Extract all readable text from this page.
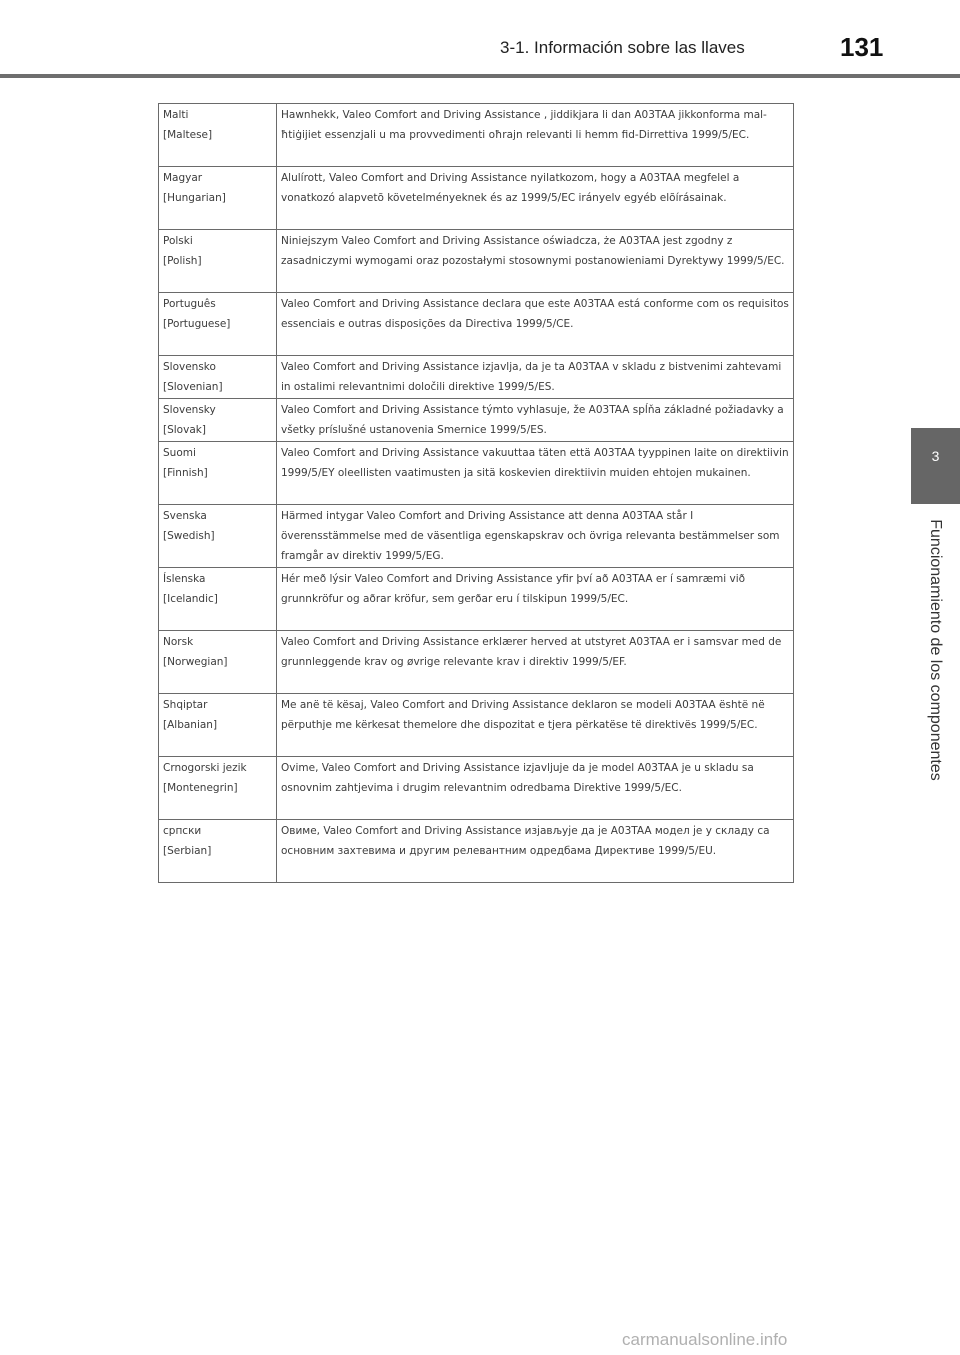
3-1. Información sobre las llaves	131
3
Funcionamiento de los componentes
Malti
[Maltese]	Hawnhekk, Valeo Comfort and Driving Assistance , jiddikjara li dan A03TAA jikkonforma mal-ħtiġijiet essenzjali u ma provvedimenti oħrajn relevanti li hemm fid-Dirrettiva 1999/5/EC.

Magyar
[Hungarian]	Alulírott, Valeo Comfort and Driving Assistance nyilatkozom, hogy a A03TAA megfelel a vonatkozó alapvetõ követelményeknek és az 1999/5/EC irányelv egyéb elõírásainak.

Polski
[Polish]	Niniejszym Valeo Comfort and Driving Assistance oświadcza, że A03TAA jest zgodny z zasadniczymi wymogami oraz pozostałymi stosownymi postanowieniami Dyrektywy 1999/5/EC.

Português
[Portuguese]	Valeo Comfort and Driving Assistance declara que este A03TAA está conforme com os requisitos essenciais e outras disposições da Directiva 1999/5/CE.

Slovensko
[Slovenian]	Valeo Comfort and Driving Assistance izjavlja, da je ta A03TAA v skladu z bistvenimi zahtevami in ostalimi relevantnimi določili direktive 1999/5/ES.

Slovensky
[Slovak]	Valeo Comfort and Driving Assistance týmto vyhlasuje, že A03TAA spĺňa základné požiadavky a všetky príslušné ustanovenia Smernice 1999/5/ES.

Suomi
[Finnish]	Valeo Comfort and Driving Assistance vakuuttaa täten että A03TAA tyyppinen laite on direktiivin 1999/5/EY oleellisten vaatimusten ja sitä koskevien direktiivin muiden ehtojen mukainen.

Svenska
[Swedish]	Härmed intygar Valeo Comfort and Driving Assistance att denna A03TAA står I överensstämmelse med de väsentliga egenskapskrav och övriga relevanta bestämmelser som framgår av direktiv 1999/5/EG.

Íslenska
[Icelandic]	Hér með lýsir Valeo Comfort and Driving Assistance yfir því að A03TAA er í samræmi við grunnkröfur og aðrar kröfur, sem gerðar eru í tilskipun 1999/5/EC.

Norsk
[Norwegian]	Valeo Comfort and Driving Assistance erklærer herved at utstyret A03TAA er i samsvar med de grunnleggende krav og øvrige relevante krav i direktiv 1999/5/EF.

Shqiptar
[Albanian]	Me anë të kësaj, Valeo Comfort and Driving Assistance deklaron se modeli A03TAA është në përputhje me kërkesat themelore dhe dispozitat e tjera përkatëse të direktivës 1999/5/EC.

Crnogorski jezik
[Montenegrin]	Ovime, Valeo Comfort and Driving Assistance izjavljuje da je model A03TAA je u skladu sa osnovnim zahtjevima i drugim relevantnim odredbama Direktive 1999/5/EC.

српски
[Serbian]	Овиме, Valeo Comfort and Driving Assistance изјављује да је A03TAA модел је у складу са основним захтевима и другим релевантним одредбама Директиве 1999/5/EU.
carmanualsonline.info
